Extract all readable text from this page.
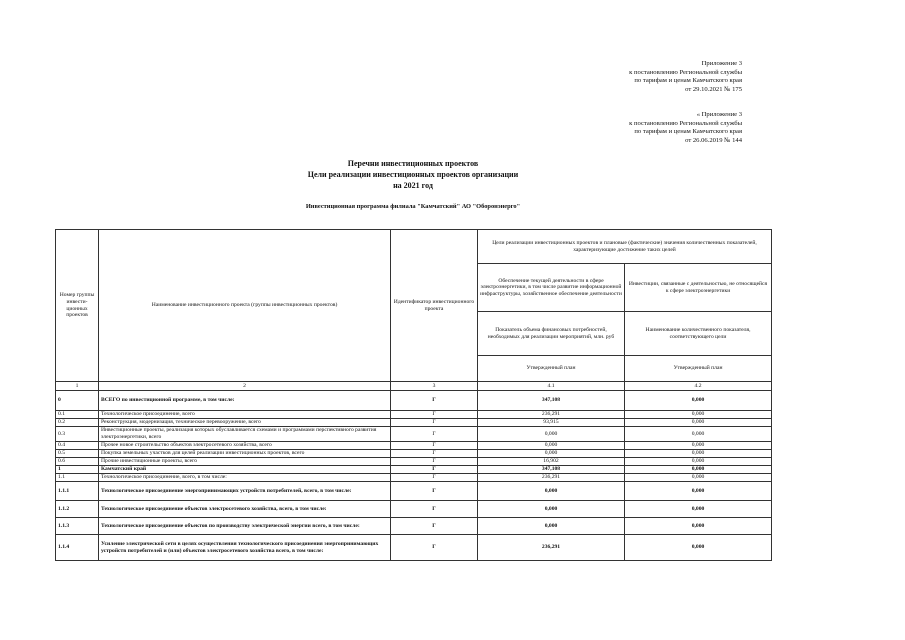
Приложение 3
к постановлению Региональной службы
по тарифам и ценам Камчатского края
от 29.10.2021 № 175
« Приложение 3
к постановлению Региональной службы
по тарифам и ценам Камчатского края
от 26.06.2019 № 144
Перечни инвестиционных проектов
Цели реализации инвестиционных проектов организации
на 2021 год
Инвестиционная программа филиала "Камчатский" АО "Оборонэнерго"
Номер группы инвести-ционных проектов	Наименование инвестиционного проекта (группы инвестиционных проектов)	Идентификатор инвестиционного проекта	Цели реализации инвестиционных проектов и плановые (фактические) значения количественных показателей, характеризующие достижение таких целей	
			Обеспечение текущей деятельности в сфере электроэнергетики, в том числе развитие информационной инфраструктуры, хозяйственное обеспечение деятельности	Инвестиции, связанные с деятельностью, не относящейся к сфере электроэнергетики
			Показатель объема финансовых потребностей, необходимых для реализации мероприятий, млн. руб	Наименование количественного показателя, соответствующего цели
			Утвержденный план	Утвержденный план
1	2	3	4.1	4.2
0	ВСЕГО по инвестиционной программе, в том числе:	Г	347,108	0,000
0.1	Технологическое присоединение, всего	Г	236,291	0,000
0.2	Реконструкция, модернизация, техническое перевооружение, всего	Г	93,915	0,000
0.3	Инвестиционные проекты, реализация которых обуславливается схемами и программами перспективного развития электроэнергетики, всего	Г	0,000	0,000
0.4	Прочее новое строительство объектов электросетевого хозяйства, всего	Г	0,000	0,000
0.5	Покупка земельных участков для целей реализации инвестиционных проектов, всего	Г	0,000	0,000
0.6	Прочие инвестиционные проекты, всего	Г	16,902	0,000
1	Камчатский край	Г	347,108	0,000
1.1	Технологическое присоединение, всего, в том числе:	Г	236,291	0,000
1.1.1	Технологическое присоединение энергопринимающих устройств потребителей, всего, в том числе:	Г	0,000	0,000
1.1.2	Технологическое присоединение объектов электросетевого хозяйства, всего, в том числе:	Г	0,000	0,000
1.1.3	Технологическое присоединение объектов по производству электрической энергии всего, в том числе:	Г	0,000	0,000
1.1.4	Усиление электрической сети в целях осуществления технологического присоединения энергопринимающих устройств потребителей и (или) объектов электросетевого хозяйства всего, в том числе:	Г	236,291	0,000
